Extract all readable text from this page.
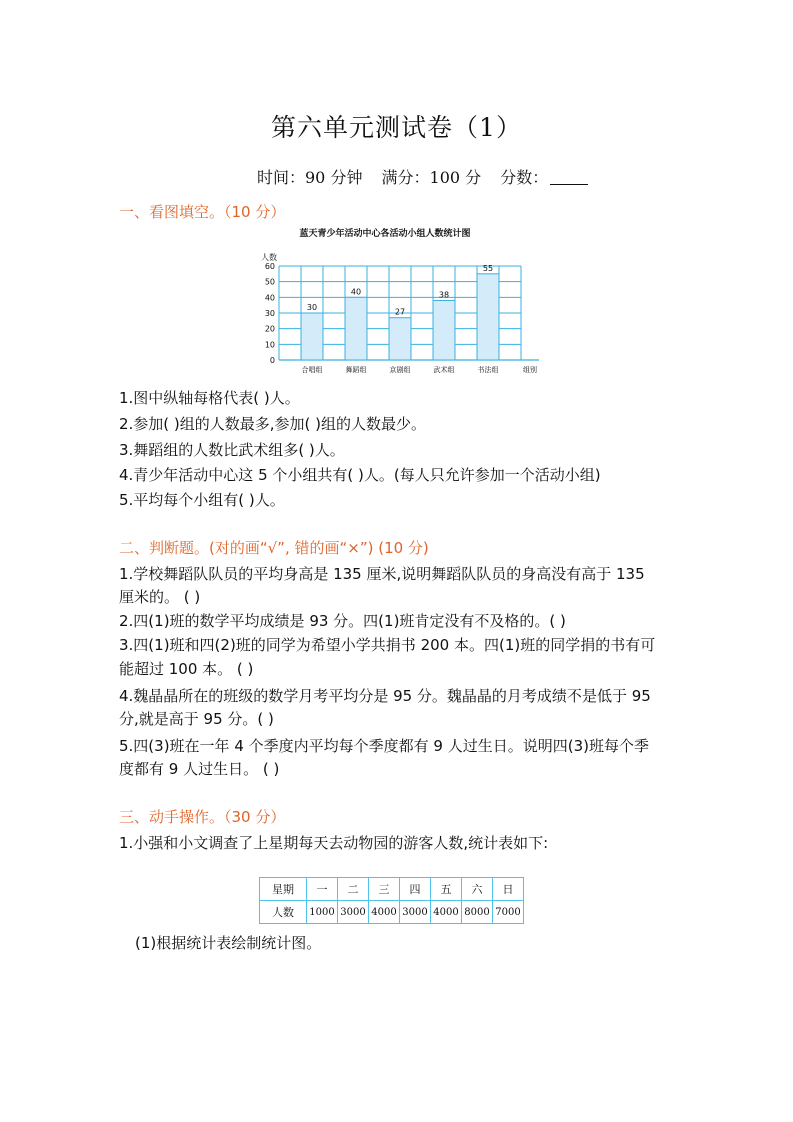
第六单元测试卷（1）
时间：90 分钟 满分：100 分 分数：
一、看图填空。（10 分）
蓝天青少年活动中心各活动小组人数统计图
人数
0
10
20
30
40
50
60
30
合唱组
40
舞蹈组
27
京剧组
38
武术组
55
书法组	组别
1.图中纵轴每格代表( )人。
2.参加( )组的人数最多,参加( )组的人数最少。
3.舞蹈组的人数比武术组多( )人。
4.青少年活动中心这 5 个小组共有( )人。(每人只允许参加一个活动小组)
5.平均每个小组有( )人。
二、判断题。(对的画“√”, 错的画“×”) (10 分)
1.学校舞蹈队队员的平均身高是 135 厘米,说明舞蹈队队员的身高没有高于 135
厘米的。 ( )
2.四(1)班的数学平均成绩是 93 分。四(1)班肯定没有不及格的。( )
3.四(1)班和四(2)班的同学为希望小学共捐书 200 本。四(1)班的同学捐的书有可
能超过 100 本。 ( )
4.魏晶晶所在的班级的数学月考平均分是 95 分。魏晶晶的月考成绩不是低于 95
分,就是高于 95 分。( )
5.四(3)班在一年 4 个季度内平均每个季度都有 9 人过生日。说明四(3)班每个季
度都有 9 人过生日。 ( )
三、动手操作。（30 分）
1.小强和小文调查了上星期每天去动物园的游客人数,统计表如下:
星期	一	二	三	四	五	六	日
人数	1000	3000	4000	3000	4000	8000	7000
(1)根据统计表绘制统计图。
